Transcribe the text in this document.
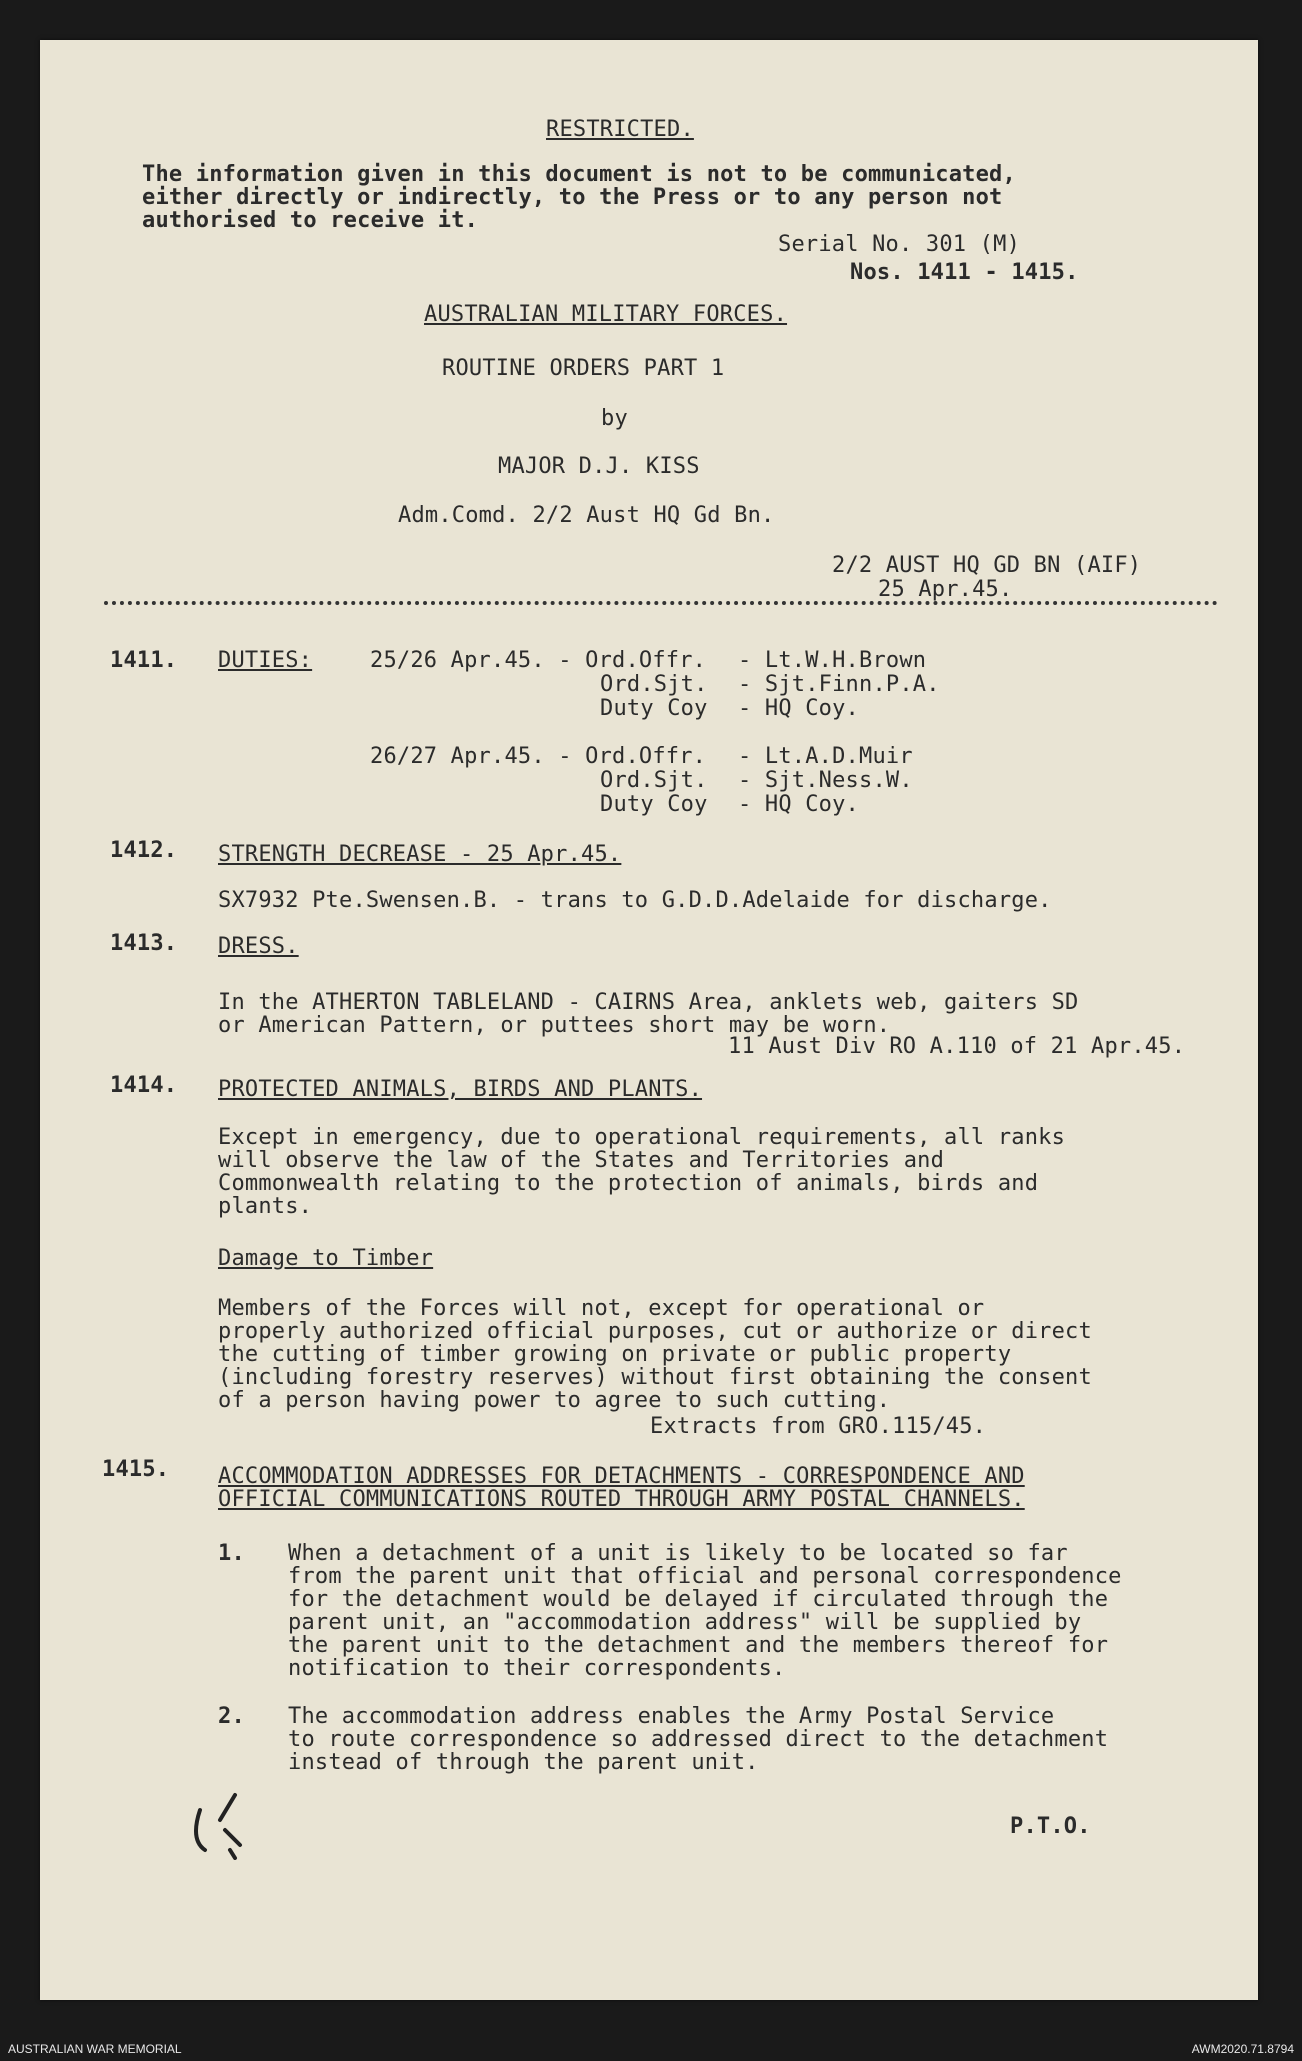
RESTRICTED.
The information given in this document is not to be communicated,
either directly or indirectly, to the Press or to any person not
authorised to receive it.
Serial No. 301 (M)
Nos. 1411 - 1415.
AUSTRALIAN MILITARY FORCES.
ROUTINE ORDERS PART 1
by
MAJOR D.J. KISS
Adm.Comd. 2/2 Aust HQ Gd Bn.
2/2 AUST HQ GD BN (AIF)
25 Apr.45.
1411. DUTIES:	25/26 Apr.45. - Ord.Offr. - Lt.W.H.Brown
Ord.Sjt. - Sjt.Finn.P.A.
Duty Coy - HQ Coy.
26/27 Apr.45. - Ord.Offr. - Lt.A.D.Muir
Ord.Sjt. - Sjt.Ness.W.
Duty Coy - HQ Coy.
1412. STRENGTH DECREASE - 25 Apr.45.
SX7932 Pte.Swensen.B. - trans to G.D.D.Adelaide for discharge.
1413. DRESS.
In the ATHERTON TABLELAND - CAIRNS Area, anklets web, gaiters SD
or American Pattern, or puttees short may be worn.
11 Aust Div RO A.110 of 21 Apr.45.
1414. PROTECTED ANIMALS, BIRDS AND PLANTS.
Except in emergency, due to operational requirements, all ranks
will observe the law of the States and Territories and
Commonwealth relating to the protection of animals, birds and
plants.
Damage to Timber
Members of the Forces will not, except for operational or
properly authorized official purposes, cut or authorize or direct
the cutting of timber growing on private or public property
(including forestry reserves) without first obtaining the consent
of a person having power to agree to such cutting.
Extracts from GRO.115/45.
1415. ACCOMMODATION ADDRESSES FOR DETACHMENTS - CORRESPONDENCE AND
OFFICIAL COMMUNICATIONS ROUTED THROUGH ARMY POSTAL CHANNELS.
1. When a detachment of a unit is likely to be located so far
from the parent unit that official and personal correspondence
for the detachment would be delayed if circulated through the
parent unit, an "accommodation address" will be supplied by
the parent unit to the detachment and the members thereof for
notification to their correspondents.
2. The accommodation address enables the Army Postal Service
to route correspondence so addressed direct to the detachment
instead of through the parent unit.
P.T.O.
AUSTRALIAN WAR MEMORIAL	AWM2020.71.8794
